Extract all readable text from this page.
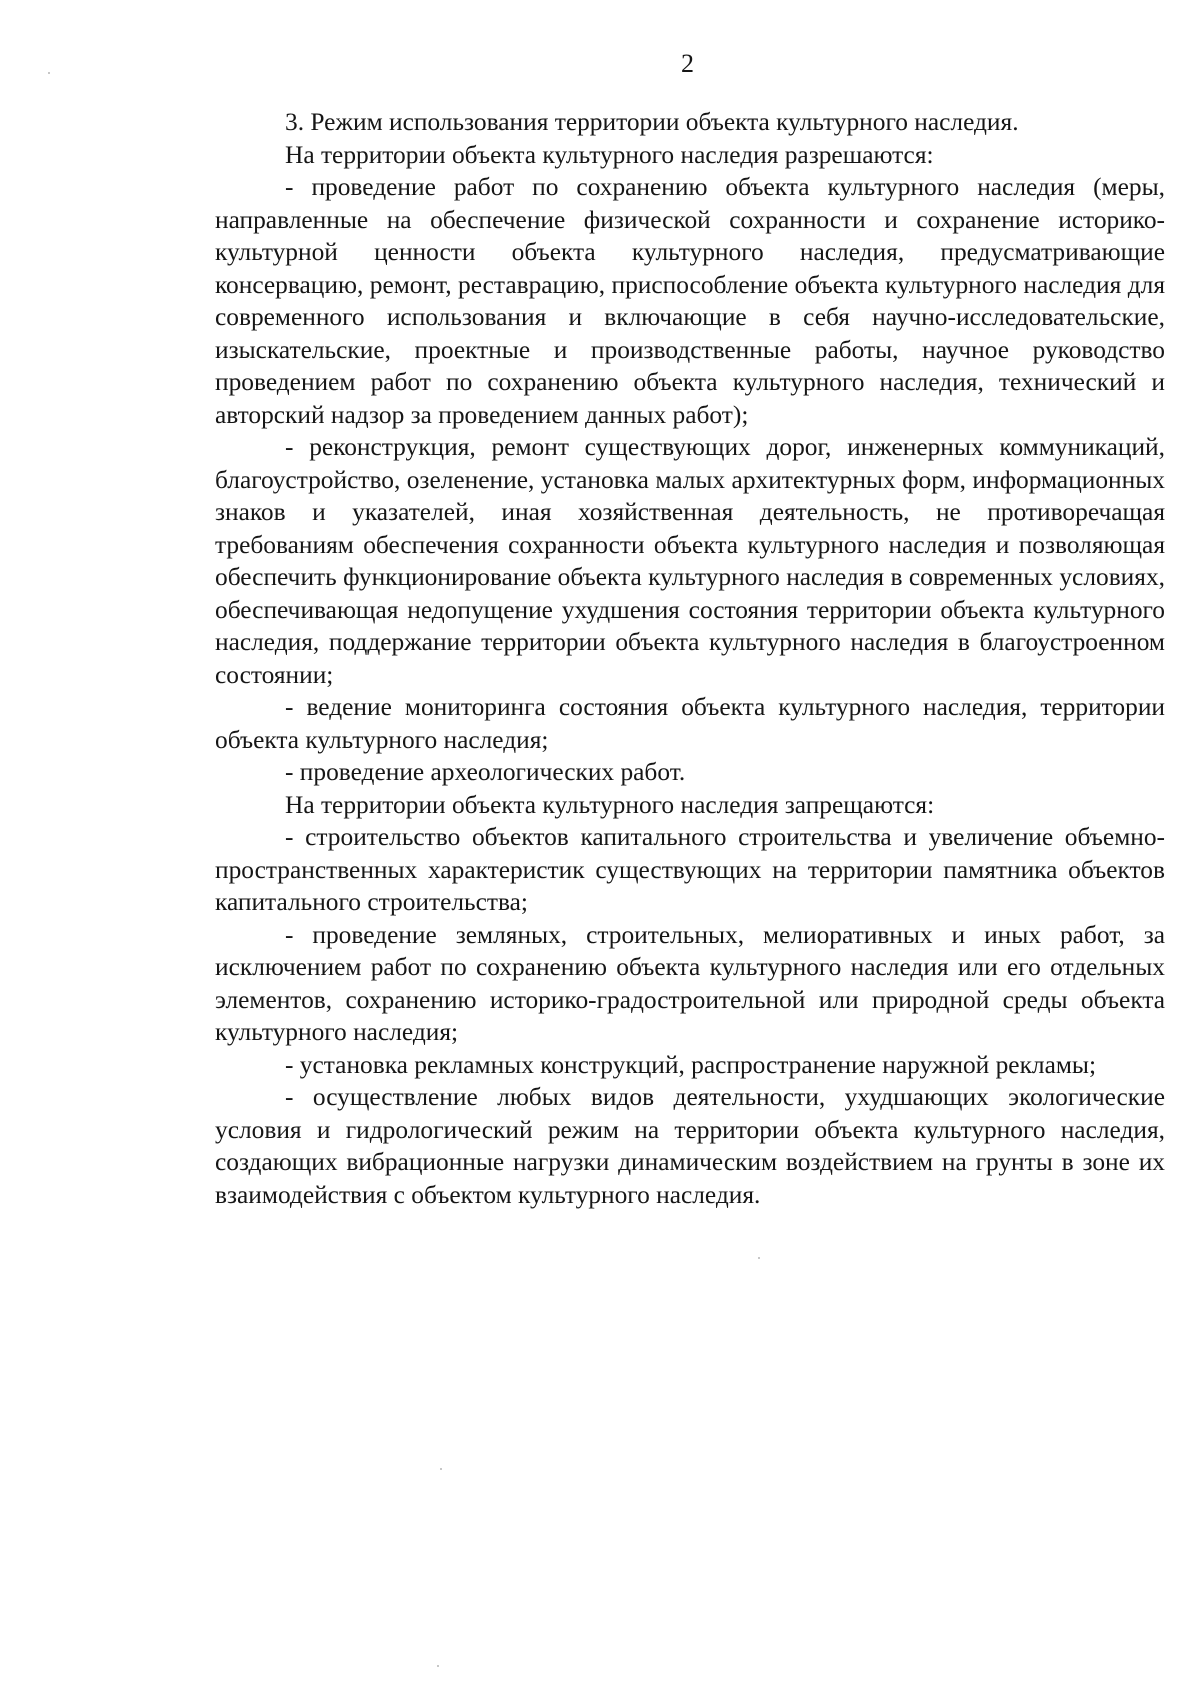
2

3. Режим использования территории объекта культурного наследия.

На территории объекта культурного наследия разрешаются:

- проведение работ по сохранению объекта культурного наследия (меры, направленные на обеспечение физической сохранности и сохранение историко-культурной ценности объекта культурного наследия, предусматривающие консервацию, ремонт, реставрацию, приспособление объекта культурного наследия для современного использования и включающие в себя научно-исследовательские, изыскательские, проектные и производственные работы, научное руководство проведением работ по сохранению объекта культурного наследия, технический и авторский надзор за проведением данных работ);

- реконструкция, ремонт существующих дорог, инженерных коммуникаций, благоустройство, озеленение, установка малых архитектурных форм, информационных знаков и указателей, иная хозяйственная деятельность, не противоречащая требованиям обеспечения сохранности объекта культурного наследия и позволяющая обеспечить функционирование объекта культурного наследия в современных условиях, обеспечивающая недопущение ухудшения состояния территории объекта культурного наследия, поддержание территории объекта культурного наследия в благоустроенном состоянии;

- ведение мониторинга состояния объекта культурного наследия, территории объекта культурного наследия;

- проведение археологических работ.

На территории объекта культурного наследия запрещаются:

- строительство объектов капитального строительства и увеличение объемно-пространственных характеристик существующих на территории памятника объектов капитального строительства;

- проведение земляных, строительных, мелиоративных и иных работ, за исключением работ по сохранению объекта культурного наследия или его отдельных элементов, сохранению историко-градостроительной или природной среды объекта культурного наследия;

- установка рекламных конструкций, распространение наружной рекламы;

- осуществление любых видов деятельности, ухудшающих экологические условия и гидрологический режим на территории объекта культурного наследия, создающих вибрационные нагрузки динамическим воздействием на грунты в зоне их взаимодействия с объектом культурного наследия.
